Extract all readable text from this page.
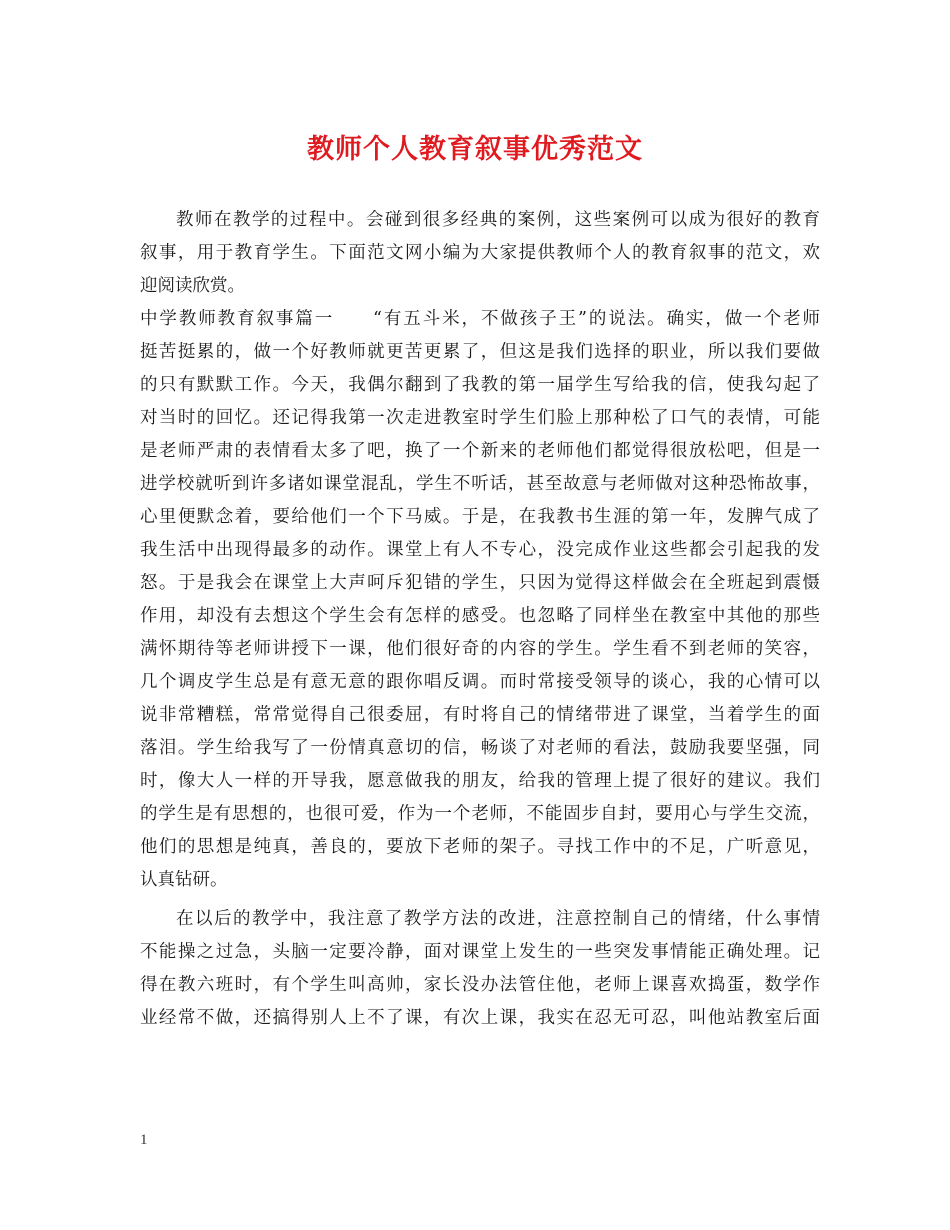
教师个人教育叙事优秀范文
教师在教学的过程中。会碰到很多经典的案例，这些案例可以成为很好的教育
叙事，用于教育学生。下面范文网小编为大家提供教师个人的教育叙事的范文，欢
迎阅读欣赏。
中学教师教育叙事篇一　　“有五斗米，不做孩子王”的说法。确实，做一个老师
挺苦挺累的，做一个好教师就更苦更累了，但这是我们选择的职业，所以我们要做
的只有默默工作。今天，我偶尔翻到了我教的第一届学生写给我的信，使我勾起了
对当时的回忆。还记得我第一次走进教室时学生们脸上那种松了口气的表情，可能
是老师严肃的表情看太多了吧，换了一个新来的老师他们都觉得很放松吧，但是一
进学校就听到许多诸如课堂混乱，学生不听话，甚至故意与老师做对这种恐怖故事，
心里便默念着，要给他们一个下马威。于是，在我教书生涯的第一年，发脾气成了
我生活中出现得最多的动作。课堂上有人不专心，没完成作业这些都会引起我的发
怒。于是我会在课堂上大声呵斥犯错的学生，只因为觉得这样做会在全班起到震慑
作用，却没有去想这个学生会有怎样的感受。也忽略了同样坐在教室中其他的那些
满怀期待等老师讲授下一课，他们很好奇的内容的学生。学生看不到老师的笑容，
几个调皮学生总是有意无意的跟你唱反调。而时常接受领导的谈心，我的心情可以
说非常糟糕，常常觉得自己很委屈，有时将自己的情绪带进了课堂，当着学生的面
落泪。学生给我写了一份情真意切的信，畅谈了对老师的看法，鼓励我要坚强，同
时，像大人一样的开导我，愿意做我的朋友，给我的管理上提了很好的建议。我们
的学生是有思想的，也很可爱，作为一个老师，不能固步自封，要用心与学生交流，
他们的思想是纯真，善良的，要放下老师的架子。寻找工作中的不足，广听意见，
认真钻研。
在以后的教学中，我注意了教学方法的改进，注意控制自己的情绪，什么事情
不能操之过急，头脑一定要冷静，面对课堂上发生的一些突发事情能正确处理。记
得在教六班时，有个学生叫高帅，家长没办法管住他，老师上课喜欢捣蛋，数学作
业经常不做，还搞得别人上不了课，有次上课，我实在忍无可忍，叫他站教室后面
1
